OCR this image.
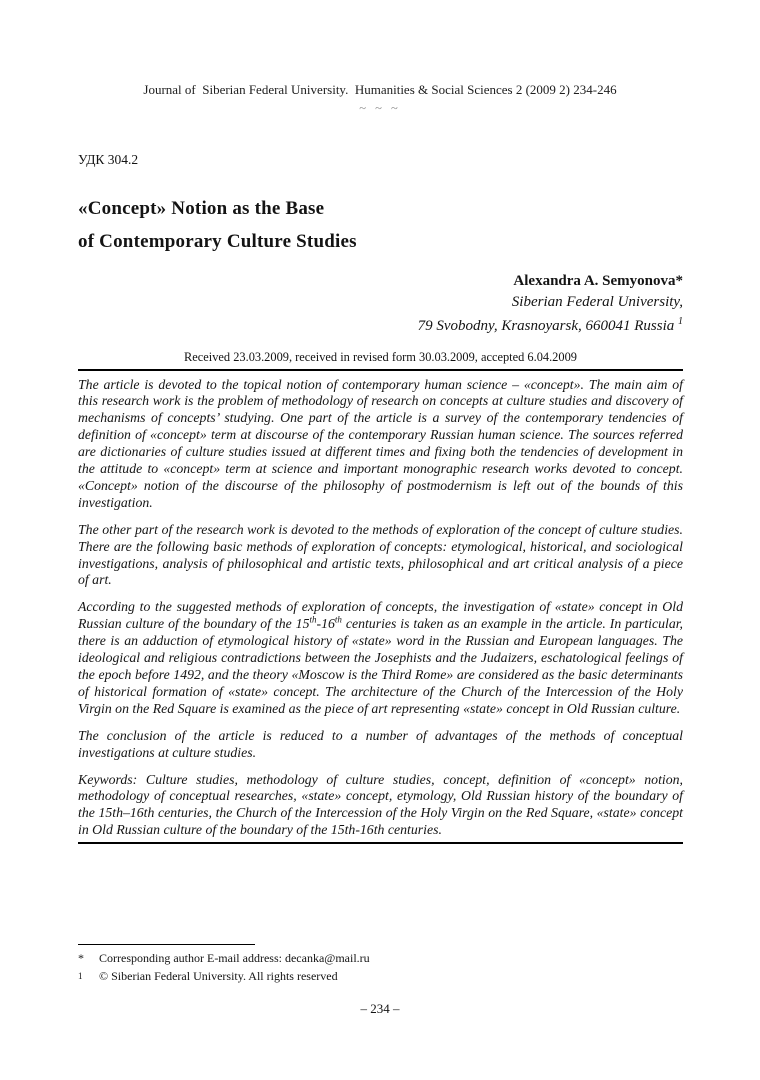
Journal of  Siberian Federal University.  Humanities & Social Sciences 2 (2009 2) 234-246
~ ~ ~
УДК 304.2
«Concept» Notion as the Base
of Contemporary Culture Studies
Alexandra A. Semyonova*
Siberian Federal University,
79 Svobodny, Krasnoyarsk, 660041 Russia $^1$
Received 23.03.2009, received in revised form 30.03.2009, accepted 6.04.2009

The article is devoted to the topical notion of contemporary human science – «concept». The main aim of this research work is the problem of methodology of research on concepts at culture studies and discovery of mechanisms of concepts’ studying. One part of the article is a survey of the contemporary tendencies of definition of «concept» term at discourse of the contemporary Russian human science. The sources referred are dictionaries of culture studies issued at different times and fixing both the tendencies of development in the attitude to «concept» term at science and important monographic research works devoted to concept. «Concept» notion of the discourse of the philosophy of postmodernism is left out of the bounds of this investigation.

The other part of the research work is devoted to the methods of exploration of the concept of culture studies. There are the following basic methods of exploration of concepts: etymological, historical, and sociological investigations, analysis of philosophical and artistic texts, philosophical and art critical analysis of a piece of art.

According to the suggested methods of exploration of concepts, the investigation of «state» concept in Old Russian culture of the boundary of the 15th-16th centuries is taken as an example in the article. In particular, there is an adduction of etymological history of «state» word in the Russian and European languages. The ideological and religious contradictions between the Josephists and the Judaizers, eschatological feelings of the epoch before 1492, and the theory «Moscow is the Third Rome» are considered as the basic determinants of historical formation of «state» concept. The architecture of the Church of the Intercession of the Holy Virgin on the Red Square is examined as the piece of art representing «state» concept in Old Russian culture.

The conclusion of the article is reduced to a number of advantages of the methods of conceptual investigations at culture studies.

Keywords: Culture studies, methodology of culture studies, concept, definition of «concept» notion, methodology of conceptual researches, «state» concept, etymology, Old Russian history of the boundary of the 15th–16th centuries, the Church of the Intercession of the Holy Virgin on the Red Square, «state» concept in Old Russian culture of the boundary of the 15th-16th centuries.

*	Corresponding author E-mail address: decanka@mail.ru
$^1$	© Siberian Federal University. All rights reserved
– 234 –
